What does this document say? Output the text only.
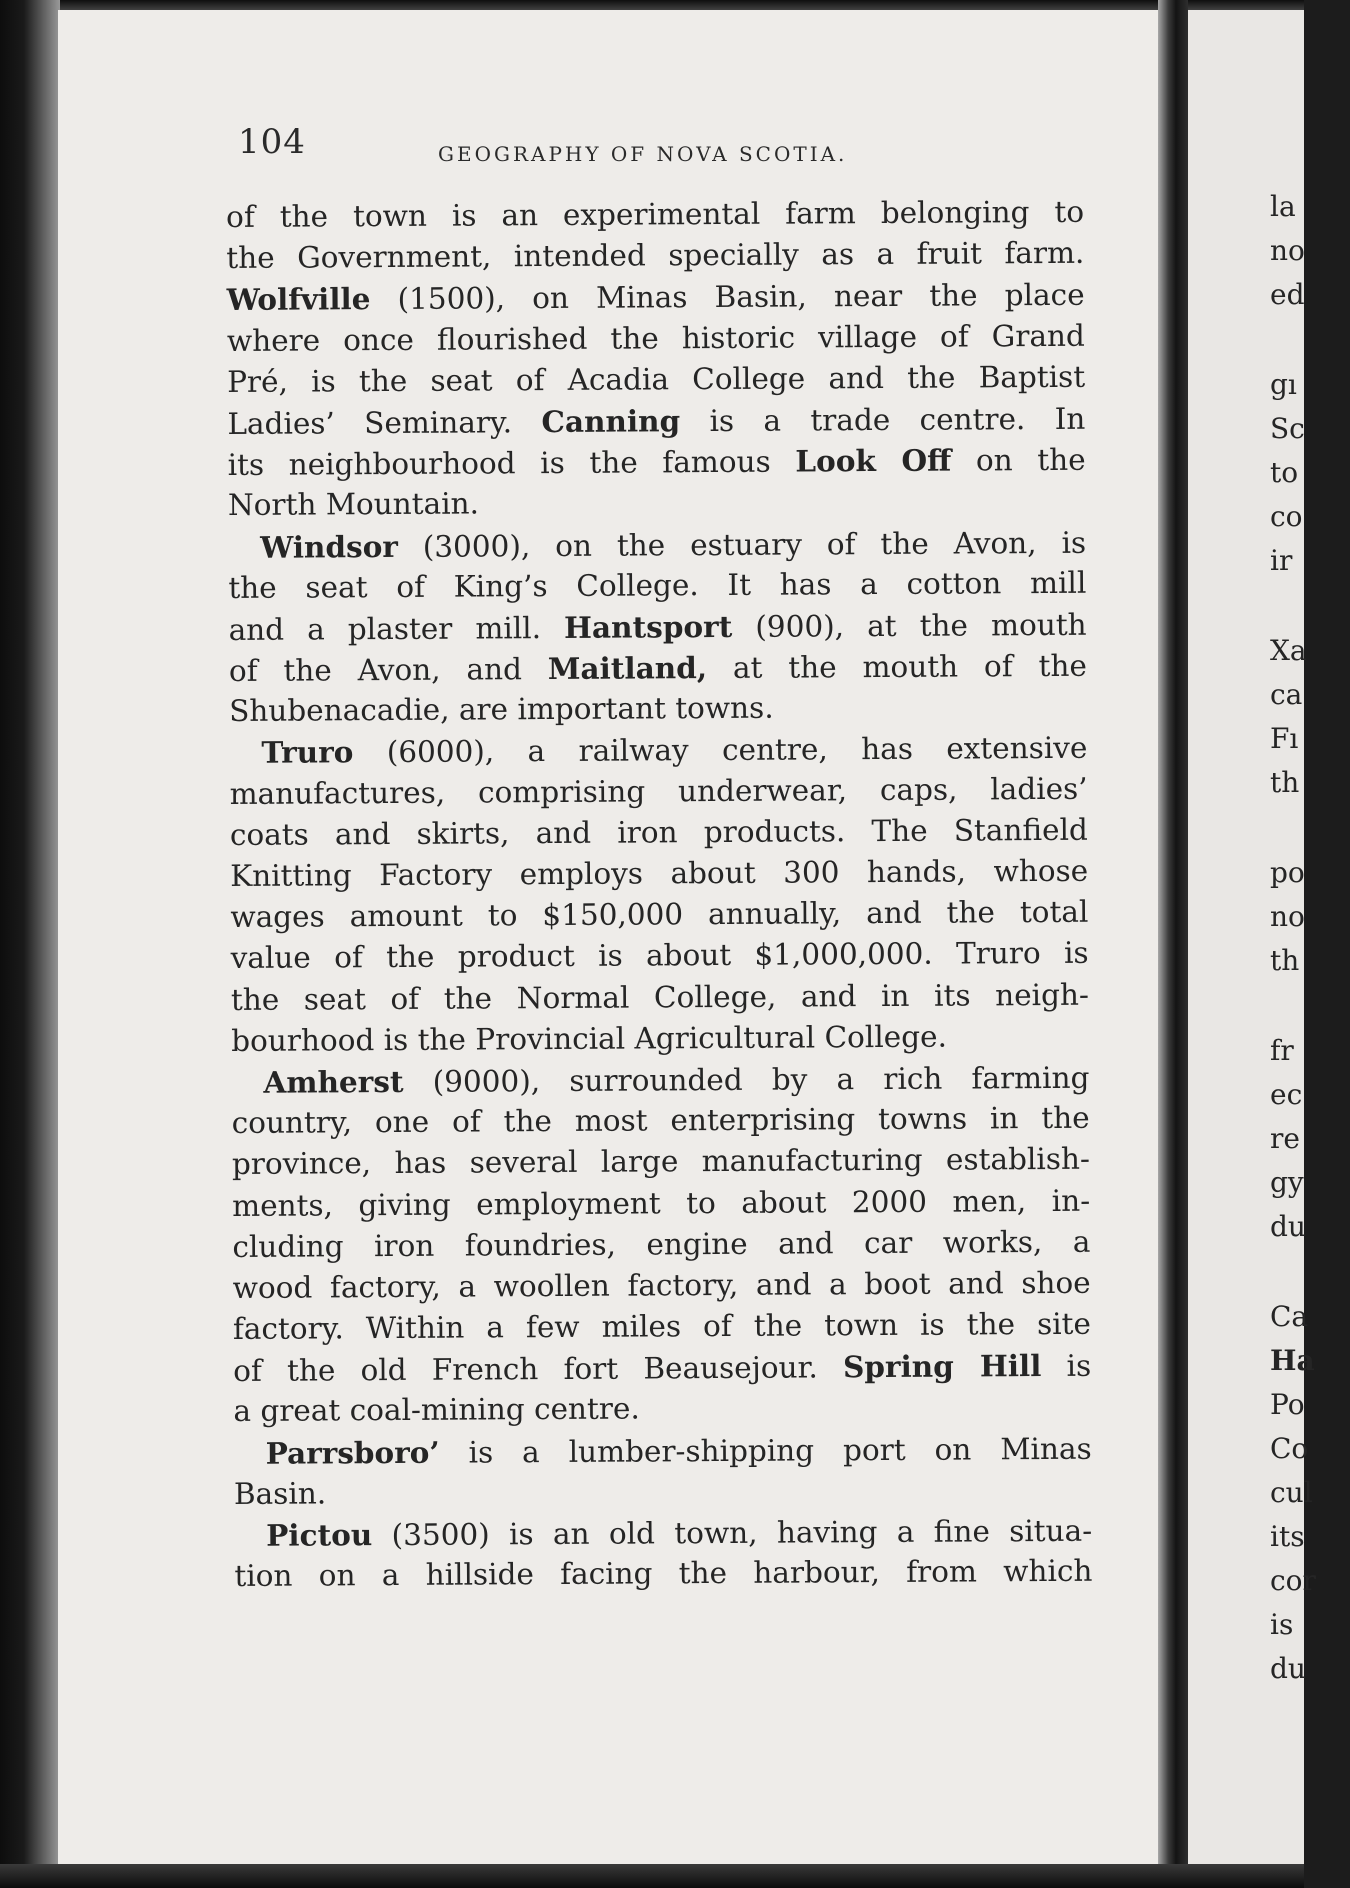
104	GEOGRAPHY OF NOVA SCOTIA.
of the town is an experimental farm belonging to
the Government, intended specially as a fruit farm.
Wolfville (1500), on Minas Basin, near the place
where once flourished the historic village of Grand
Pré, is the seat of Acadia College and the Baptist
Ladies’ Seminary. Canning is a trade centre. In
its neighbourhood is the famous Look Off on the
North Mountain.
Windsor (3000), on the estuary of the Avon, is
the seat of King’s College. It has a cotton mill
and a plaster mill. Hantsport (900), at the mouth
of the Avon, and Maitland, at the mouth of the
Shubenacadie, are important towns.
Truro (6000), a railway centre, has extensive
manufactures, comprising underwear, caps, ladies’
coats and skirts, and iron products. The Stanfield
Knitting Factory employs about 300 hands, whose
wages amount to $150,000 annually, and the total
value of the product is about $1,000,000. Truro is
the seat of the Normal College, and in its neigh-
bourhood is the Provincial Agricultural College.
Amherst (9000), surrounded by a rich farming
country, one of the most enterprising towns in the
province, has several large manufacturing establish-
ments, giving employment to about 2000 men, in-
cluding iron foundries, engine and car works, a
wood factory, a woollen factory, and a boot and shoe
factory. Within a few miles of the town is the site
of the old French fort Beausejour. Spring Hill is
a great coal-mining centre.
Parrsboro’ is a lumber-shipping port on Minas
Basin.
Pictou (3500) is an old town, having a fine situa-
tion on a hillside facing the harbour, from which
la
no
ed
gı
Sc
to
co
ir
Xa
ca
Fı
th
po
no
th
fr
ec
re
gy
du
Ca
Ha
Po
Co
cul
its
cor
is
du
